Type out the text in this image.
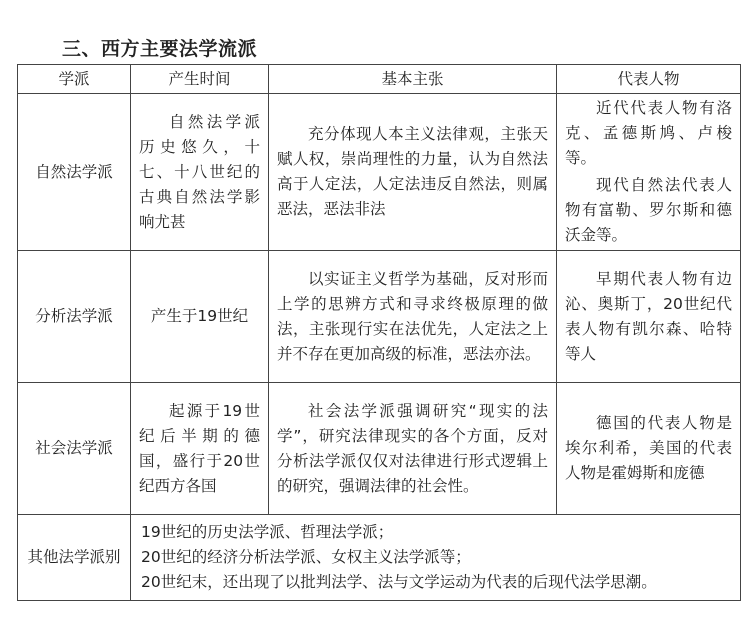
三、西方主要法学流派
学派	产生时间	基本主张	代表人物
自然法学派	自然法学派历史悠久，十七、十八世纪的古典自然法学影响尤甚	充分体现人本主义法律观，主张天赋人权，崇尚理性的力量，认为自然法高于人定法，人定法违反自然法，则属恶法，恶法非法	近代代表人物有洛克、孟德斯鸠、卢梭等。
现代自然法代表人物有富勒、罗尔斯和德沃金等。

分析法学派	产生于19世纪	以实证主义哲学为基础，反对形而上学的思辨方式和寻求终极原理的做法，主张现行实在法优先，人定法之上并不存在更加高级的标准，恶法亦法。	早期代表人物有边沁、奥斯丁，20世纪代表人物有凯尔森、哈特等人

社会法学派	起源于19世纪后半期的德国，盛行于20世纪西方各国	社会法学派强调研究“现实的法学”，研究法律现实的各个方面，反对分析法学派仅仅对法律进行形式逻辑上的研究，强调法律的社会性。	德国的代表人物是埃尔利希，美国的代表人物是霍姆斯和庞德

其他法学派别	19世纪的历史法学派、哲理法学派；
20世纪的经济分析法学派、女权主义法学派等；
20世纪末，还出现了以批判法学、法与文学运动为代表的后现代法学思潮。		
